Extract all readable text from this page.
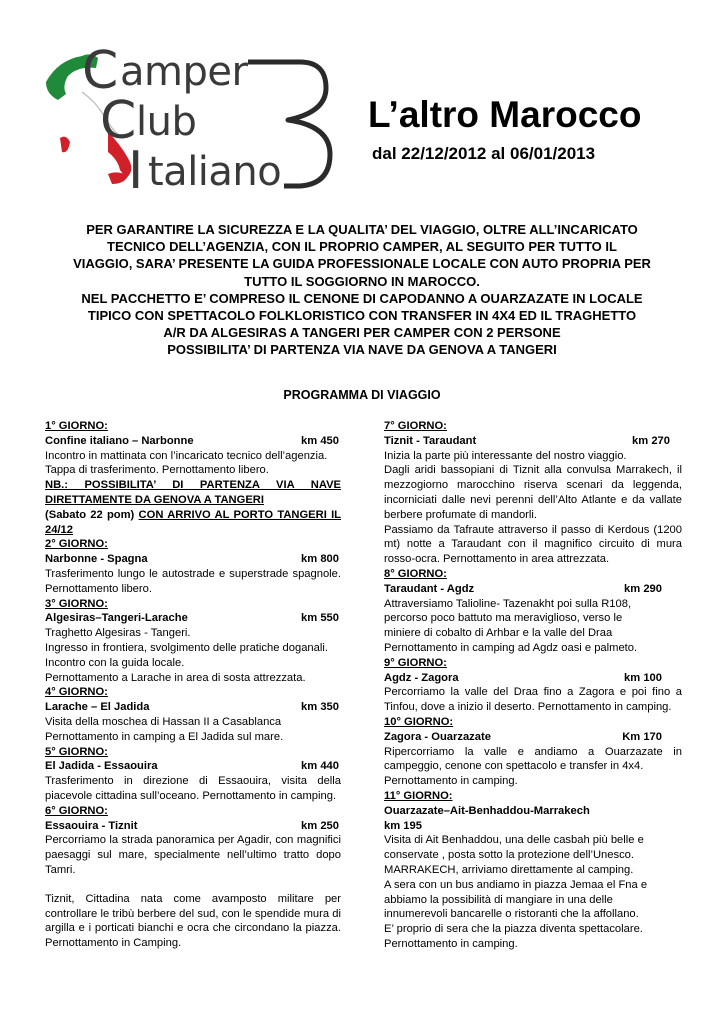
C
C
I
amper
lub
taliano
L’altro Marocco
dal 22/12/2012 al 06/01/2013
PER GARANTIRE LA SICUREZZA E LA QUALITA’ DEL VIAGGIO, OLTRE ALL’INCARICATO
TECNICO DELL’AGENZIA, CON IL PROPRIO CAMPER, AL SEGUITO PER TUTTO IL
VIAGGIO, SARA’ PRESENTE LA GUIDA PROFESSIONALE LOCALE CON AUTO PROPRIA PER
TUTTO IL SOGGIORNO IN MAROCCO.
NEL PACCHETTO E’ COMPRESO IL CENONE DI CAPODANNO A OUARZAZATE IN LOCALE
TIPICO CON SPETTACOLO FOLKLORISTICO CON TRANSFER IN 4X4 ED IL TRAGHETTO
A/R DA ALGESIRAS A TANGERI PER CAMPER CON 2 PERSONE
POSSIBILITA’ DI PARTENZA VIA NAVE DA GENOVA A TANGERI
PROGRAMMA DI VIAGGIO
1° GIORNO:
Confine italiano – Narbonne	km 450
Incontro in mattinata con l’incaricato tecnico dell’agenzia.
Tappa di trasferimento. Pernottamento libero.
NB.: POSSIBILITA’ DI PARTENZA VIA NAVE DIRETTAMENTE DA GENOVA A TANGERI
(Sabato 22 pom) CON ARRIVO AL PORTO TANGERI IL 24/12
2° GIORNO:
Narbonne - Spagna	km 800
Trasferimento lungo le autostrade e superstrade spagnole. Pernottamento libero.
3° GIORNO:
Algesiras–Tangeri-Larache	km 550
Traghetto Algesiras - Tangeri.
Ingresso in frontiera, svolgimento delle pratiche doganali. Incontro con la guida locale.
Pernottamento a Larache in area di sosta attrezzata.
4° GIORNO:
Larache – El Jadida	km 350
Visita della moschea di Hassan II a Casablanca
Pernottamento in camping a El Jadida sul mare.
5° GIORNO:
El Jadida - Essaouira	km 440
Trasferimento in direzione di Essaouira, visita della piacevole cittadina sull’oceano. Pernottamento in camping.
6° GIORNO:
Essaouira - Tiznit	km 250
Percorriamo la strada panoramica per Agadir, con magnifici paesaggi sul mare, specialmente nell’ultimo tratto dopo Tamri.
Tiznit, Cittadina nata come avamposto militare per controllare le tribù berbere del sud, con le spendide mura di argilla e i porticati bianchi e ocra che circondano la piazza. Pernottamento in Camping.
7° GIORNO:
Tiznit - Taraudant	km 270
Inizia la parte più interessante del nostro viaggio.
Dagli aridi bassopiani di Tiznit alla convulsa Marrakech, il mezzogiorno marocchino riserva scenari da leggenda, incorniciati dalle nevi perenni dell’Alto Atlante e da vallate berbere profumate di mandorli.
Passiamo da Tafraute attraverso il passo di Kerdous (1200 mt) notte a Taraudant con il magnifico circuito di mura rosso-ocra. Pernottamento in area attrezzata.
8° GIORNO:
Taraudant - Agdz	km 290
Attraversiamo Talioline- Tazenakht poi sulla R108,
percorso poco battuto ma meraviglioso, verso le
miniere di cobalto di Arhbar e la valle del Draa
Pernottamento in camping ad Agdz oasi e palmeto.
9° GIORNO:
Agdz - Zagora	km 100
Percorriamo la valle del Draa fino a Zagora e poi fino a Tinfou, dove a inizio il deserto. Pernottamento in camping.
10° GIORNO:
Zagora - Ouarzazate	Km 170
Ripercorriamo la valle e andiamo a Ouarzazate in campeggio, cenone con spettacolo e transfer in 4x4.
Pernottamento in camping.
11° GIORNO:
Ouarzazate–Ait-Benhaddou-Marrakech
km 195
Visita di Ait Benhaddou, una delle casbah più belle e
conservate , posta sotto la protezione dell’Unesco.
MARRAKECH, arriviamo direttamente al camping.
A sera con un bus andiamo in piazza Jemaa el Fna e
abbiamo la possibilità di mangiare in una delle
innumerevoli bancarelle o ristoranti che la affollano.
E’ proprio di sera che la piazza diventa spettacolare.
Pernottamento in camping.
